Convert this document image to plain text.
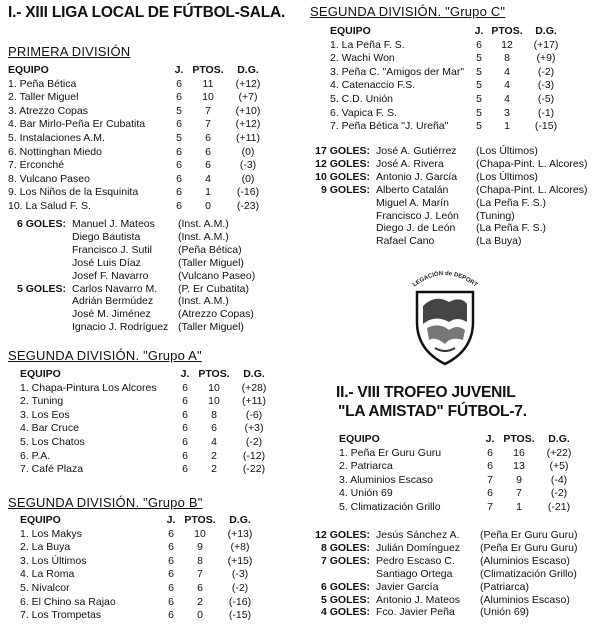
I.- XIII LIGA LOCAL DE FÚTBOL-SALA.
PRIMERA DIVISIÓN
EQUIPO	J.	PTOS.	D.G.
1. Peña Bética	6	11	(+12)
2. Taller Miguel	6	10	(+7)
3. Atrezzo Copas	5	7	(+10)
4. Bar Mirlo-Peña Er Cubatita	6	7	(+12)
5. Instalaciones A.M.	5	6	(+11)
6. Nottinghan Miedo	6	6	(0)
7. Erconché	6	6	(-3)
8. Vulcano Paseo	6	4	(0)
9. Los Niños de la Esquinita	6	1	(-16)
10. La Salud F. S.	6	0	(-23)
6 GOLES:	Manuel J. Mateos	(Inst. A.M.)
	Diego Bautista	(Inst. A.M.)
	Francisco J. Sutil	(Peña Bética)
	José Luis Díaz	(Taller Miguel)
	Josef F. Navarro	(Vulcano Paseo)
5 GOLES:	Carlos Navarro M.	(P. Er Cubatita)
	Adrián Bermúdez	(Inst. A.M.)
	José M. Jiménez	(Atrezzo Copas)
	Ignacio J. Rodríguez	(Taller Miguel)
SEGUNDA DIVISIÓN. "Grupo A"
EQUIPO	J.	PTOS.	D.G.
1. Chapa-Pintura Los Alcores	6	10	(+28)
2. Tuning	6	10	(+11)
3. Los Eos	6	8	(-6)
4. Bar Cruce	6	6	(+3)
5. Los Chatos	6	4	(-2)
6. P.A.	6	2	(-12)
7. Café Plaza	6	2	(-22)
SEGUNDA DIVISIÓN. "Grupo B"
EQUIPO	J.	PTOS.	D.G.
1. Los Makys	6	10	(+13)
2. La Buya	6	9	(+8)
3. Los Últimos	6	8	(+15)
4. La Roma	6	7	(-3)
5. Nivalcor	6	6	(-2)
6. El Chino sa Rajao	6	2	(-16)
7. Los Trompetas	6	0	(-15)
SEGUNDA DIVISIÓN. "Grupo C"
EQUIPO	J.	PTOS.	D.G.
1. La Peña F. S.	6	12	(+17)
2. Wachi Won	5	8	(+9)
3. Peña C. "Amigos der Mar"	5	4	(-2)
4. Catenaccio F.S.	5	4	(-3)
5. C.D. Unión	5	4	(-5)
6. Vapica F. S.	5	3	(-1)
7. Peña Bética "J. Ureña"	5	1	(-15)
17 GOLES:	José A. Gutiérrez	(Los Últimos)
12 GOLES:	José A. Rivera	(Chapa-Pint. L. Alcores)
10 GOLES:	Antonio J. García	(Los Últimos)
9 GOLES:	Alberto Catalán	(Chapa-Pint. L. Alcores)
	Miguel A. Marín	(La Peña F. S.)
	Francisco J. León	(Tuning)
	Diego J. de León	(La Peña F. S.)
	Rafael Cano	(La Buya)
LEGACIÓN de DEPORT
II.- VIII TROFEO JUVENIL
"LA AMISTAD" FÚTBOL-7.
EQUIPO	J.	PTOS.	D.G.
1. Peña Er Guru Guru	6	16	(+22)
2. Patriarca	6	13	(+5)
3. Aluminios Escaso	7	9	(-4)
4. Unión 69	6	7	(-2)
5. Climatización Grillo	7	1	(-21)
12 GOLES:	Jesús Sánchez A.	(Peña Er Guru Guru)
8 GOLES:	Julián Domínguez	(Peña Er Guru Guru)
7 GOLES:	Pedro Escaso C.	(Aluminios Escaso)
	Santiago Ortega	(Climatización Grillo)
6 GOLES:	Javier García	(Patriarca)
5 GOLES:	Antonio J. Mateos	(Aluminios Escaso)
4 GOLES:	Fco. Javier Peña	(Unión 69)
